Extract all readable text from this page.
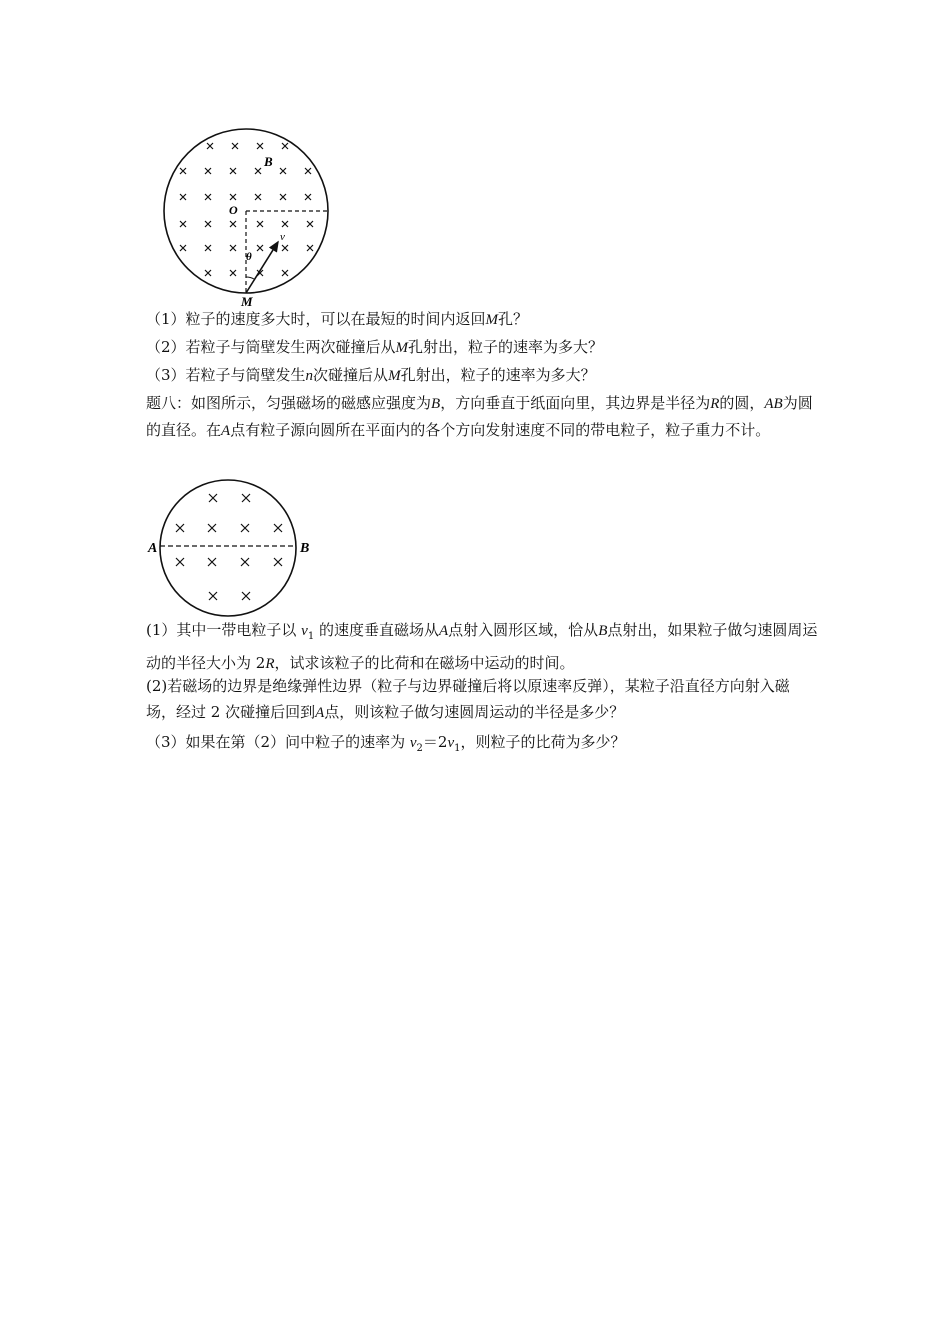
B
O
v
θ
M

（1）粒子的速度多大时，可以在最短的时间内返回M孔？

（2）若粒子与筒壁发生两次碰撞后从M孔射出，粒子的速率为多大？

（3）若粒子与筒壁发生n次碰撞后从M孔射出，粒子的速率为多大？

题八：如图所示，匀强磁场的磁感应强度为B，方向垂直于纸面向里，其边界是半径为R的圆，AB为圆的直径。在A点有粒子源向圆所在平面内的各个方向发射速度不同的带电粒子，粒子重力不计。

A	B

(1）其中一带电粒子以 $v_1$ 的速度垂直磁场从A点射入圆形区域，恰从B点射出，如果粒子做匀速圆周运动的半径大小为 2R，试求该粒子的比荷和在磁场中运动的时间。

(2)若磁场的边界是绝缘弹性边界（粒子与边界碰撞后将以原速率反弹），某粒子沿直径方向射入磁场，经过 2 次碰撞后回到A点，则该粒子做匀速圆周运动的半径是多少？

（3）如果在第（2）问中粒子的速率为 $v_2=2v_1$，则粒子的比荷为多少？
